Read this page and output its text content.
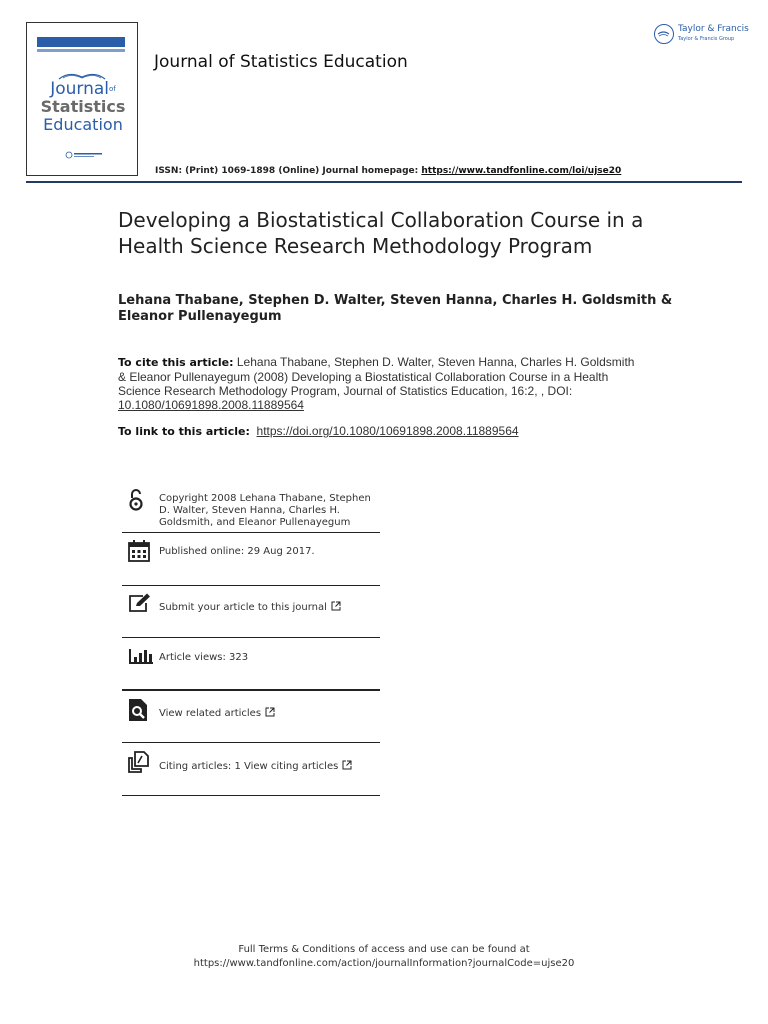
Journal$^{of}$
Statistics
Education
Journal of Statistics Education
ISSN: (Print) 1069-1898 (Online) Journal homepage: https://www.tandfonline.com/loi/ujse20
Taylor & Francis
Taylor & Francis Group
Developing a Biostatistical Collaboration Course in a Health Science Research Methodology Program
Lehana Thabane, Stephen D. Walter, Steven Hanna, Charles H. Goldsmith & Eleanor Pullenayegum
To cite this article: Lehana Thabane, Stephen D. Walter, Steven Hanna, Charles H. Goldsmith & Eleanor Pullenayegum (2008) Developing a Biostatistical Collaboration Course in a Health Science Research Methodology Program, Journal of Statistics Education, 16:2, , DOI: 10.1080/10691898.2008.11889564
To link to this article: https://doi.org/10.1080/10691898.2008.11889564
Copyright 2008 Lehana Thabane, Stephen D. Walter, Steven Hanna, Charles H. Goldsmith, and Eleanor Pullenayegum
Published online: 29 Aug 2017.
Submit your article to this journal
Article views: 323
View related articles
Citing articles: 1 View citing articles
Full Terms & Conditions of access and use can be found at
https://www.tandfonline.com/action/journalInformation?journalCode=ujse20
